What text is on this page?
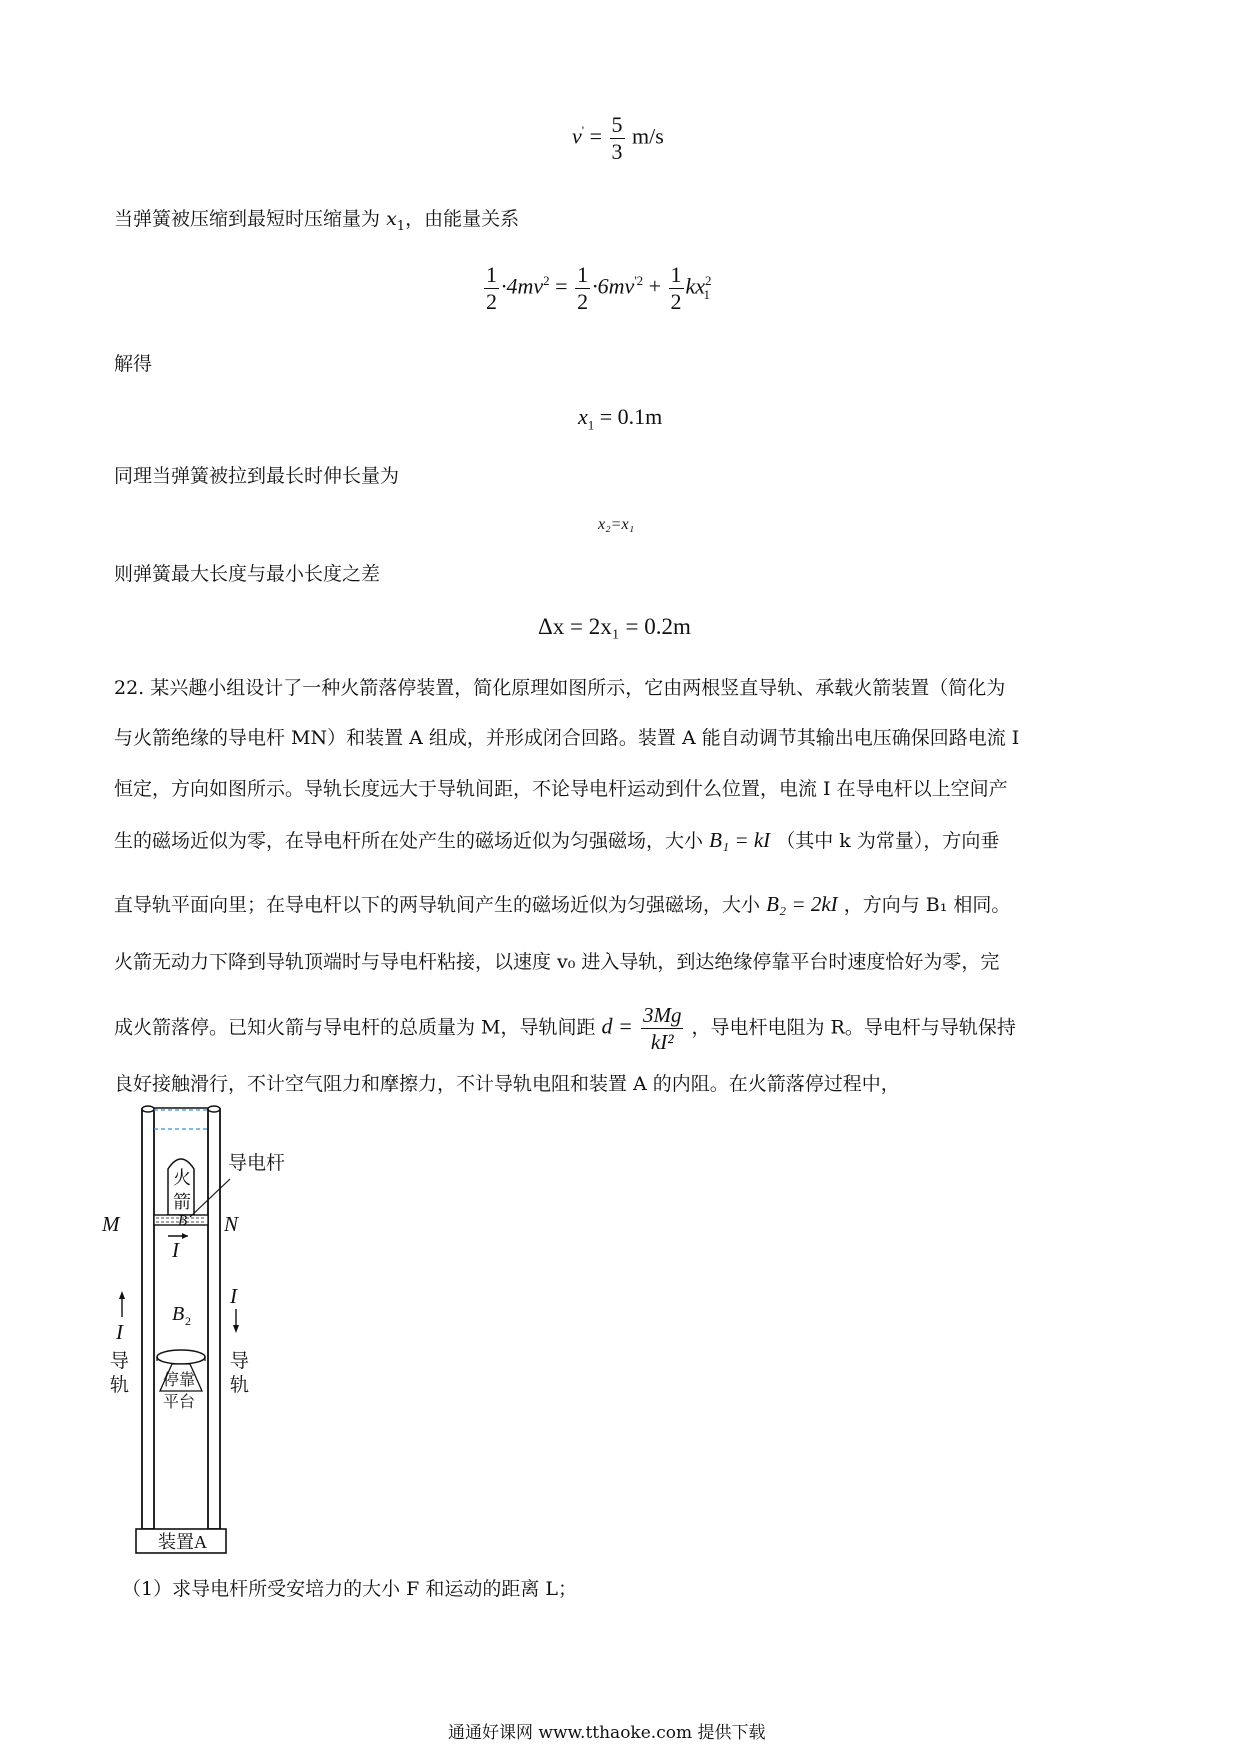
$v' = \frac{5}{3} m/s$
当弹簧被压缩到最短时压缩量为 $x_1$，由能量关系
$\frac{1}{2} \cdot 4mv^2 = \frac{1}{2} \cdot 6mv^{'2} + \frac{1}{2} kx^2_1$
解得
$x_1 = 0.1m$
同理当弹簧被拉到最长时伸长量为
x₂=x₁
则弹簧最大长度与最小长度之差
Δx = 2x₁ = 0.2m
22. 某兴趣小组设计了一种火箭落停装置，简化原理如图所示，它由两根竖直导轨、承载火箭装置（简化为
与火箭绝缘的导电杆 MN）和装置 A 组成，并形成闭合回路。装置 A 能自动调节其输出电压确保回路电流 I
恒定，方向如图所示。导轨长度远大于导轨间距，不论导电杆运动到什么位置，电流 I 在导电杆以上空间产
生的磁场近似为零，在导电杆所在处产生的磁场近似为匀强磁场，大小 B₁ = kI （其中 k 为常量），方向垂
直导轨平面向里；在导电杆以下的两导轨间产生的磁场近似为匀强磁场，大小 B₂ = 2kI ，方向与 B₁ 相同。
火箭无动力下降到导轨顶端时与导电杆粘接，以速度 v₀ 进入导轨，到达绝缘停靠平台时速度恰好为零，完
成火箭落停。已知火箭与导电杆的总质量为 M，导轨间距 $d = \frac{3Mg}{\text{kI²}}$ ，导电杆电阻为 R。导电杆与导轨保持
良好接触滑行，不计空气阻力和摩擦力，不计导轨电阻和装置 A 的内阻。在火箭落停过程中，
火
箭
B
导电杆
M	N
I
B 2
I
I
导
轨
导
轨
停靠
平台
装置A
（1）求导电杆所受安培力的大小 F 和运动的距离 L；
通通好课网 www.tthaoke.com 提供下载
